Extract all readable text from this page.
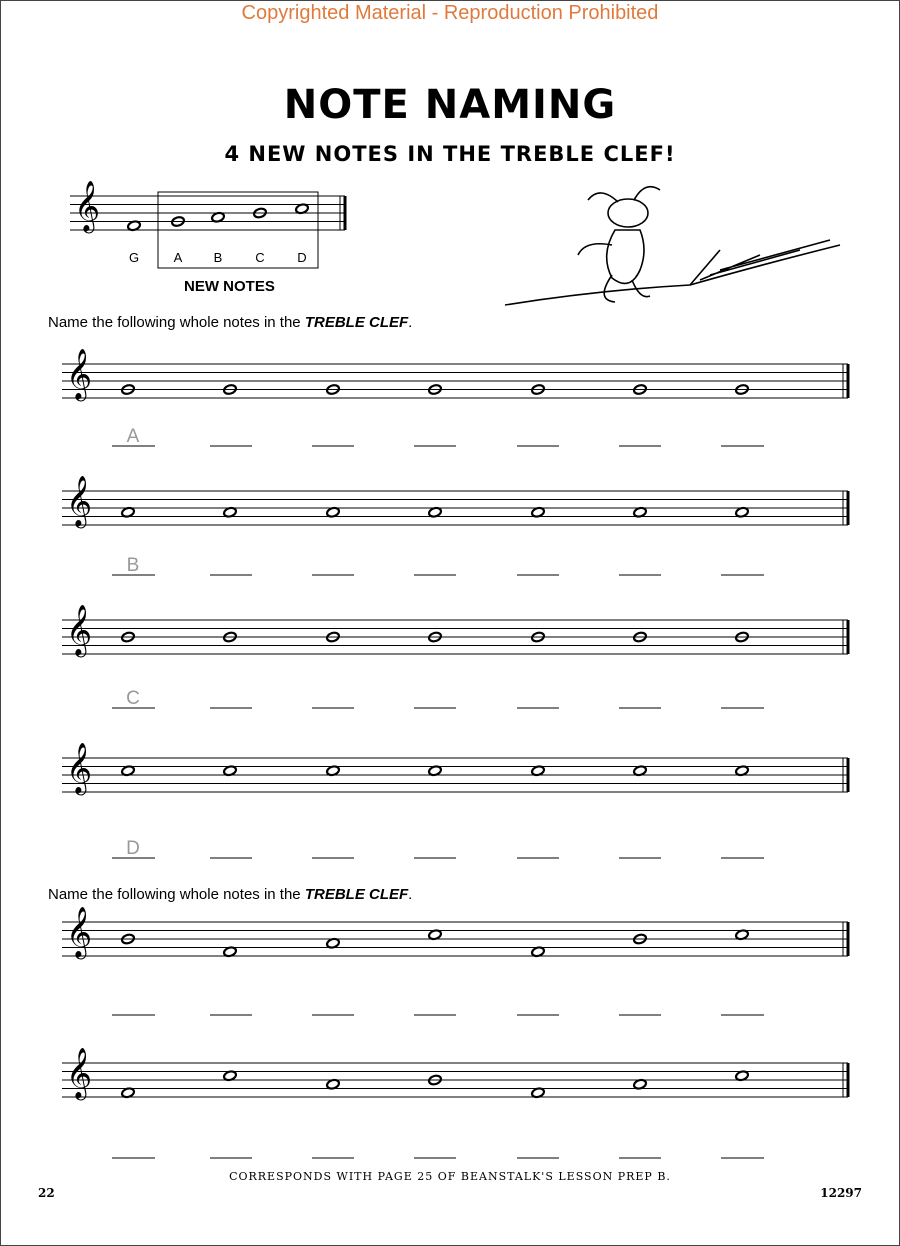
Copyrighted Material - Reproduction Prohibited
NOTE NAMING
4 NEW NOTES IN THE TREBLE CLEF!
NEW NOTES
Name the following whole notes in the TREBLE CLEF.
Name the following whole notes in the TREBLE CLEF.
𝄞
G	A B	C	D
𝄞
A
𝄞
B
𝄞
C
𝄞
D
𝄞
𝄞
CORRESPONDS WITH PAGE 25 OF BEANSTALK'S LESSON PREP B.
22	12297
